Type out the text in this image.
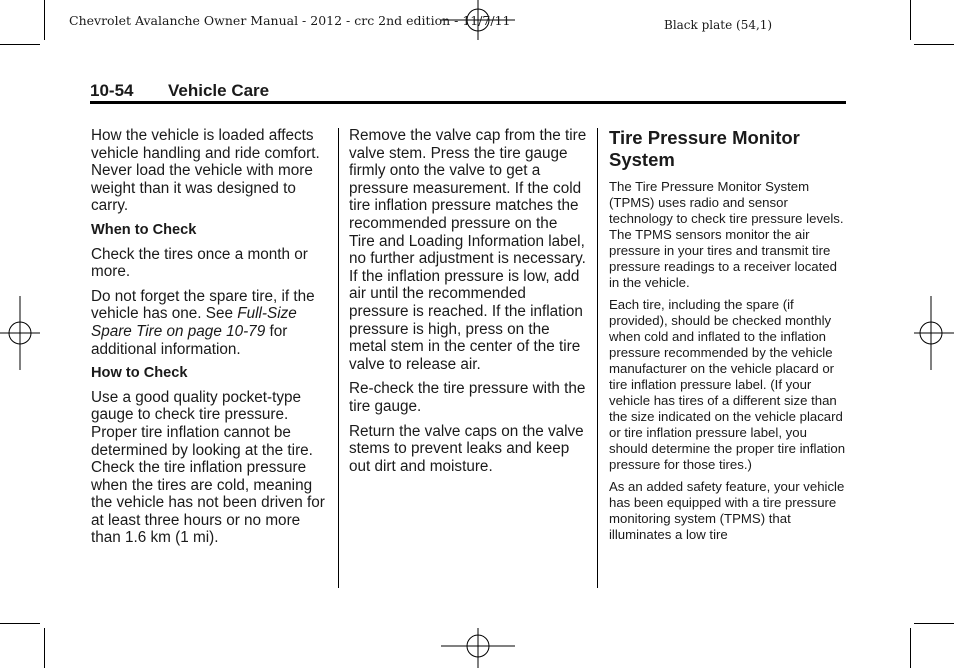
Chevrolet Avalanche Owner Manual - 2012 - crc 2nd edition - 11/7/11	Black plate (54,1)
10-54 Vehicle Care

How the vehicle is loaded affects vehicle handling and ride comfort. Never load the vehicle with more weight than it was designed to carry.

When to Check

Check the tires once a month or more.

Do not forget the spare tire, if the vehicle has one. See Full-Size Spare Tire on page 10-79 for additional information.

How to Check

Use a good quality pocket-type gauge to check tire pressure. Proper tire inflation cannot be determined by looking at the tire. Check the tire inflation pressure when the tires are cold, meaning the vehicle has not been driven for at least three hours or no more than 1.6 km (1 mi).

Remove the valve cap from the tire valve stem. Press the tire gauge firmly onto the valve to get a pressure measurement. If the cold tire inflation pressure matches the recommended pressure on the Tire and Loading Information label, no further adjustment is necessary. If the inflation pressure is low, add air until the recommended pressure is reached. If the inflation pressure is high, press on the metal stem in the center of the tire valve to release air.

Re-check the tire pressure with the tire gauge.

Return the valve caps on the valve stems to prevent leaks and keep out dirt and moisture.

Tire Pressure Monitor System

The Tire Pressure Monitor System (TPMS) uses radio and sensor technology to check tire pressure levels. The TPMS sensors monitor the air pressure in your tires and transmit tire pressure readings to a receiver located in the vehicle.

Each tire, including the spare (if provided), should be checked monthly when cold and inflated to the inflation pressure recommended by the vehicle manufacturer on the vehicle placard or tire inflation pressure label. (If your vehicle has tires of a different size than the size indicated on the vehicle placard or tire inflation pressure label, you should determine the proper tire inflation pressure for those tires.)

As an added safety feature, your vehicle has been equipped with a tire pressure monitoring system (TPMS) that illuminates a low tire
